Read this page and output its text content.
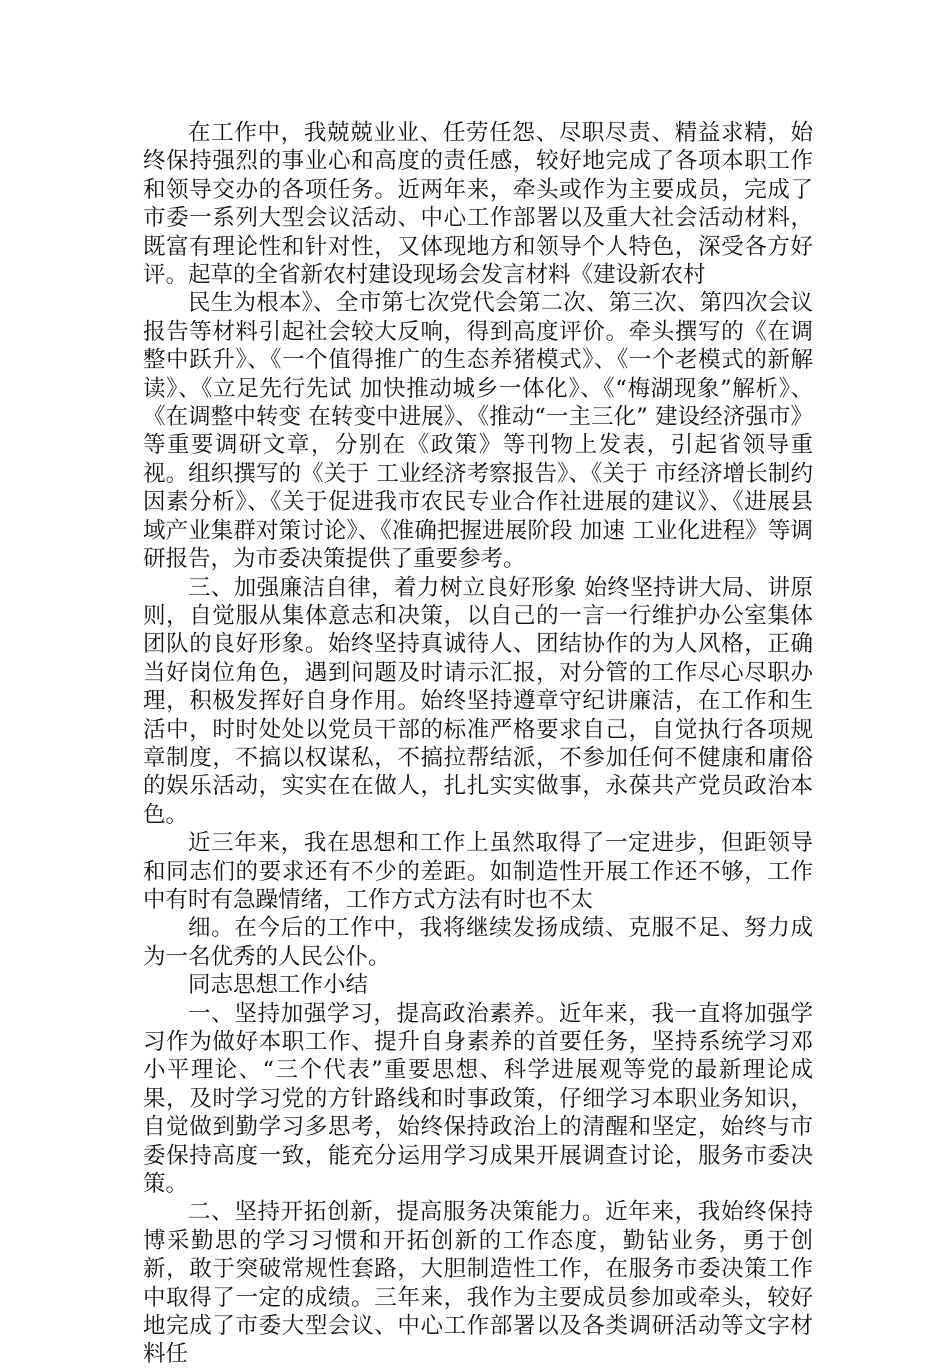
在工作中，我兢兢业业、任劳任怨、尽职尽责、精益求精，始终保持强烈的事业心和高度的责任感，较好地完成了各项本职工作和领导交办的各项任务。近两年来，牵头或作为主要成员，完成了市委一系列大型会议活动、中心工作部署以及重大社会活动材料，既富有理论性和针对性，又体现地方和领导个人特色，深受各方好评。起草的全省新农村建设现场会发言材料《建设新农村

民生为根本》、全市第七次党代会第二次、第三次、第四次会议报告等材料引起社会较大反响，得到高度评价。牵头撰写的《在调整中跃升》、《一个值得推广的生态养猪模式》、《一个老模式的新解读》、《立足先行先试 加快推动城乡一体化》、《“梅湖现象”解析》、《在调整中转变 在转变中进展》、《推动“一主三化” 建设经济强市》等重要调研文章，分别在《政策》等刊物上发表，引起省领导重视。组织撰写的《关于 工业经济考察报告》、《关于 市经济增长制约因素分析》、《关于促进我市农民专业合作社进展的建议》、《进展县域产业集群对策讨论》、《准确把握进展阶段 加速 工业化进程》等调研报告，为市委决策提供了重要参考。

三、加强廉洁自律，着力树立良好形象 始终坚持讲大局、讲原则，自觉服从集体意志和决策，以自己的一言一行维护办公室集体团队的良好形象。始终坚持真诚待人、团结协作的为人风格，正确当好岗位角色，遇到问题及时请示汇报，对分管的工作尽心尽职办理，积极发挥好自身作用。始终坚持遵章守纪讲廉洁，在工作和生活中，时时处处以党员干部的标准严格要求自己，自觉执行各项规章制度，不搞以权谋私，不搞拉帮结派，不参加任何不健康和庸俗的娱乐活动，实实在在做人，扎扎实实做事，永葆共产党员政治本色。

近三年来，我在思想和工作上虽然取得了一定进步，但距领导和同志们的要求还有不少的差距。如制造性开展工作还不够，工作中有时有急躁情绪，工作方式方法有时也不太

细。在今后的工作中，我将继续发扬成绩、克服不足、努力成为一名优秀的人民公仆。

同志思想工作小结

一、坚持加强学习，提高政治素养。近年来，我一直将加强学习作为做好本职工作、提升自身素养的首要任务，坚持系统学习邓小平理论、“三个代表”重要思想、科学进展观等党的最新理论成果，及时学习党的方针路线和时事政策，仔细学习本职业务知识，自觉做到勤学习多思考，始终保持政治上的清醒和坚定，始终与市委保持高度一致，能充分运用学习成果开展调查讨论，服务市委决策。

二、坚持开拓创新，提高服务决策能力。近年来，我始终保持博采勤思的学习习惯和开拓创新的工作态度，勤钻业务，勇于创新，敢于突破常规性套路，大胆制造性工作，在服务市委决策工作中取得了一定的成绩。三年来，我作为主要成员参加或牵头，较好地完成了市委大型会议、中心工作部署以及各类调研活动等文字材料任
